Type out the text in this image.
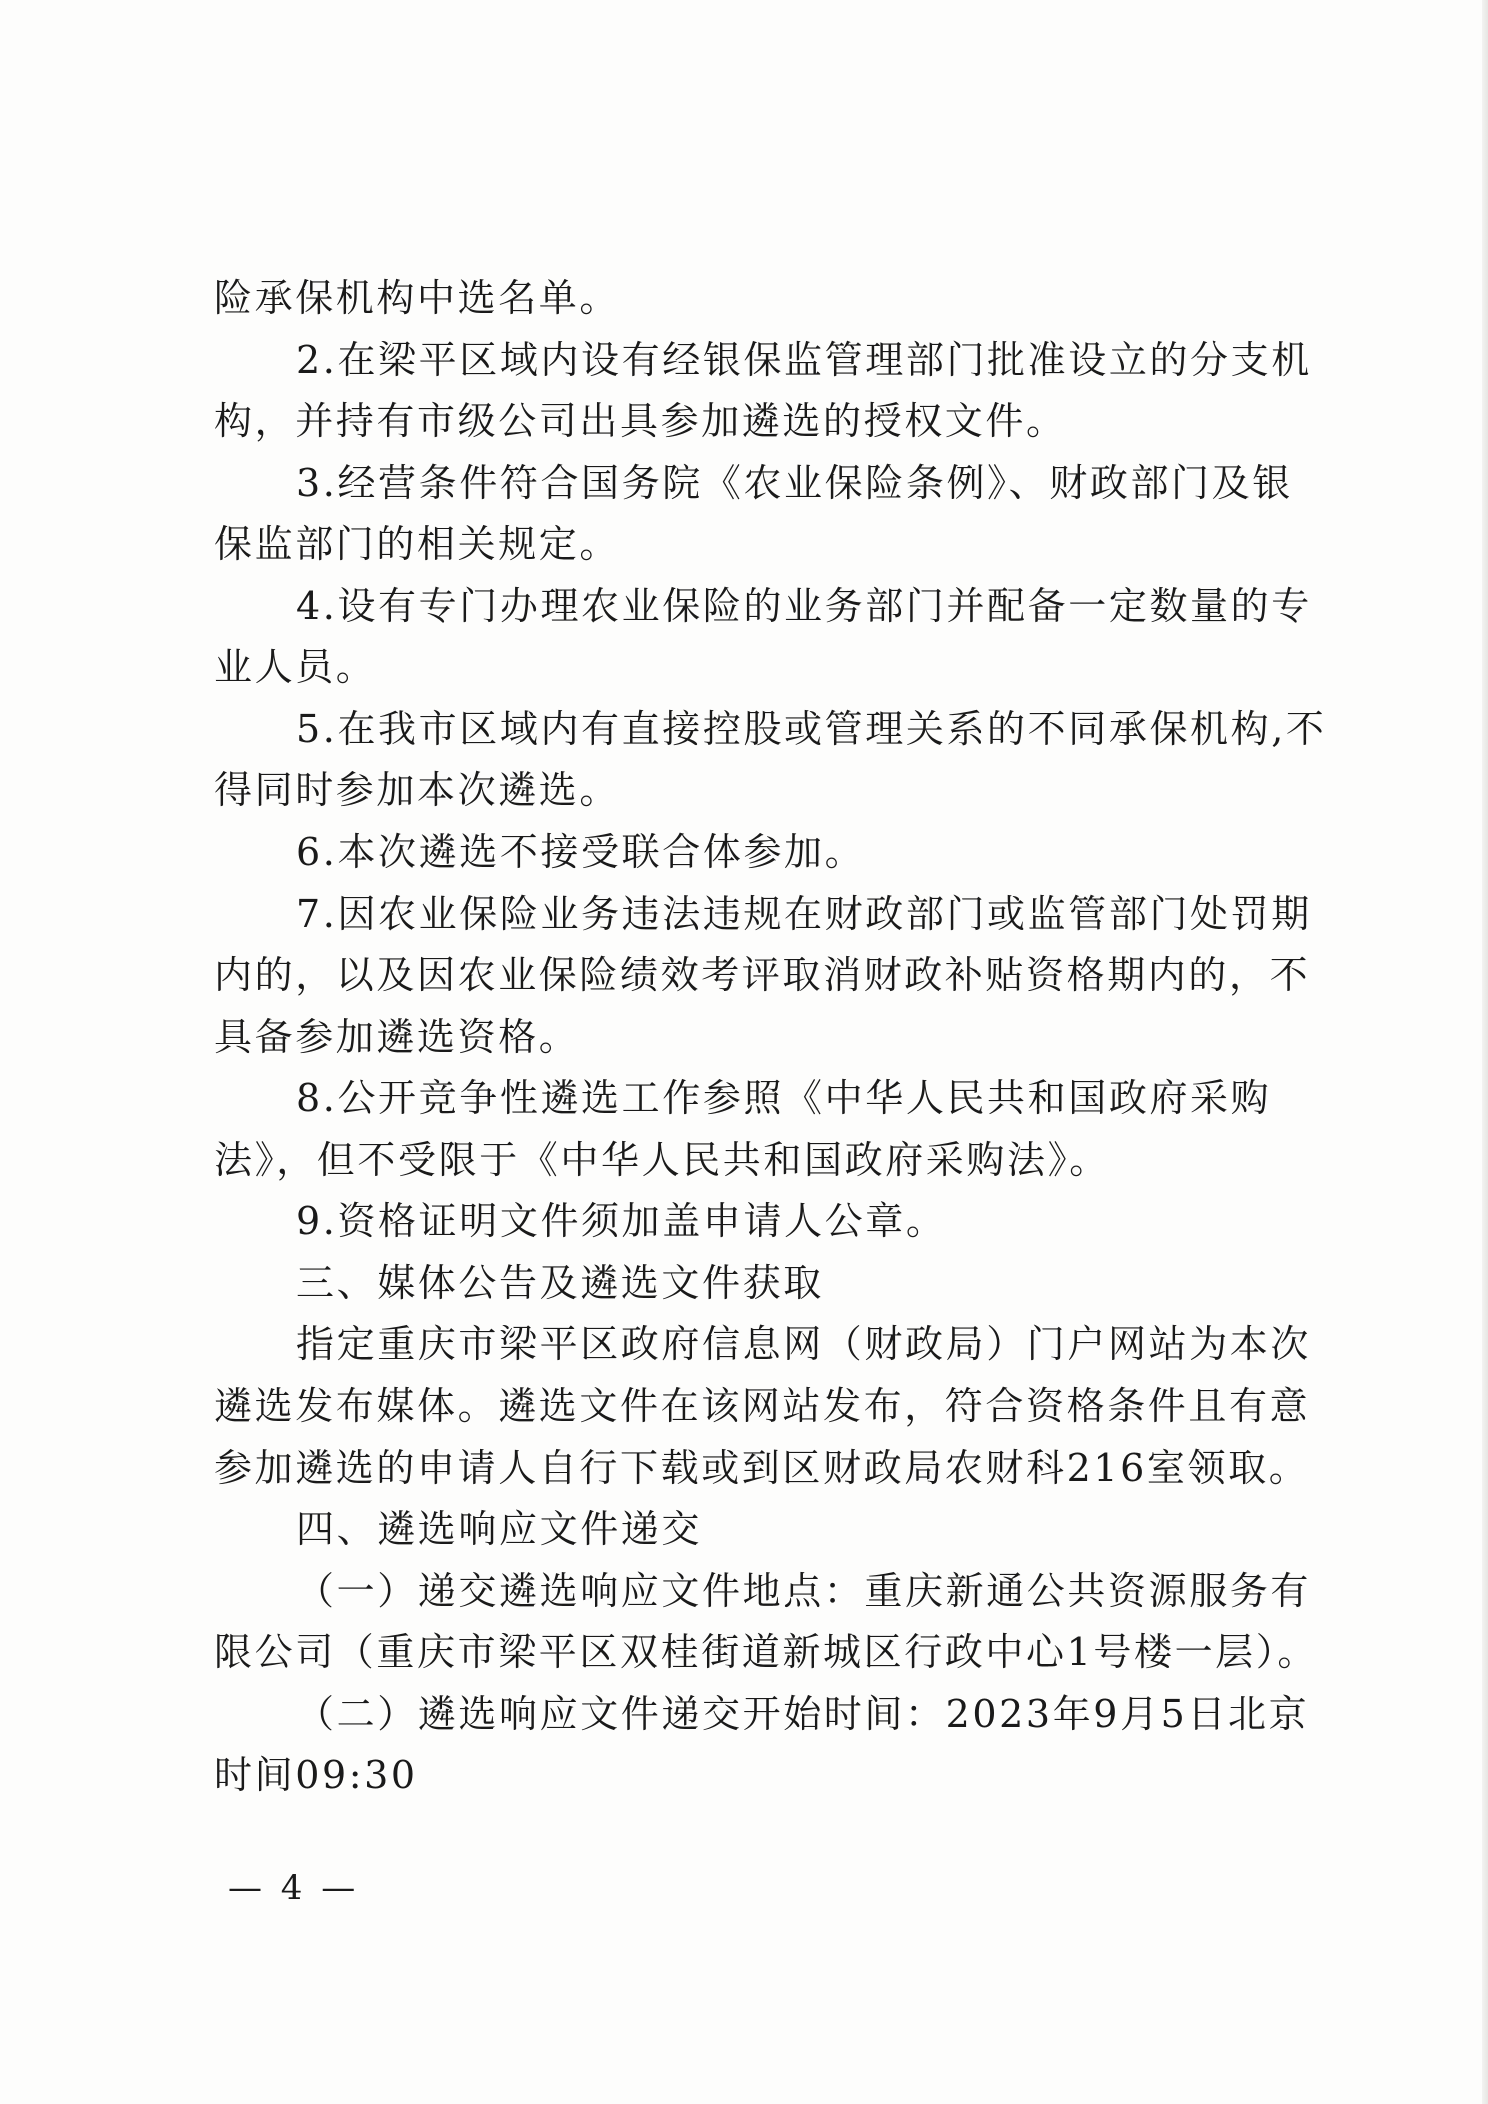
险承保机构中选名单。
2.在梁平区域内设有经银保监管理部门批准设立的分支机
构，并持有市级公司出具参加遴选的授权文件。
3.经营条件符合国务院《农业保险条例》、财政部门及银
保监部门的相关规定。
4.设有专门办理农业保险的业务部门并配备一定数量的专
业人员。
5.在我市区域内有直接控股或管理关系的不同承保机构,不
得同时参加本次遴选。
6.本次遴选不接受联合体参加。
7.因农业保险业务违法违规在财政部门或监管部门处罚期
内的，以及因农业保险绩效考评取消财政补贴资格期内的，不
具备参加遴选资格。
8.公开竞争性遴选工作参照《中华人民共和国政府采购
法》，但不受限于《中华人民共和国政府采购法》。
9.资格证明文件须加盖申请人公章。
三、媒体公告及遴选文件获取
指定重庆市梁平区政府信息网（财政局）门户网站为本次
遴选发布媒体。遴选文件在该网站发布，符合资格条件且有意
参加遴选的申请人自行下载或到区财政局农财科216室领取。
四、遴选响应文件递交
（一）递交遴选响应文件地点：重庆新通公共资源服务有
限公司（重庆市梁平区双桂街道新城区行政中心1号楼一层）。
（二）遴选响应文件递交开始时间：2023年9月5日北京
时间09:30
— 4 —
